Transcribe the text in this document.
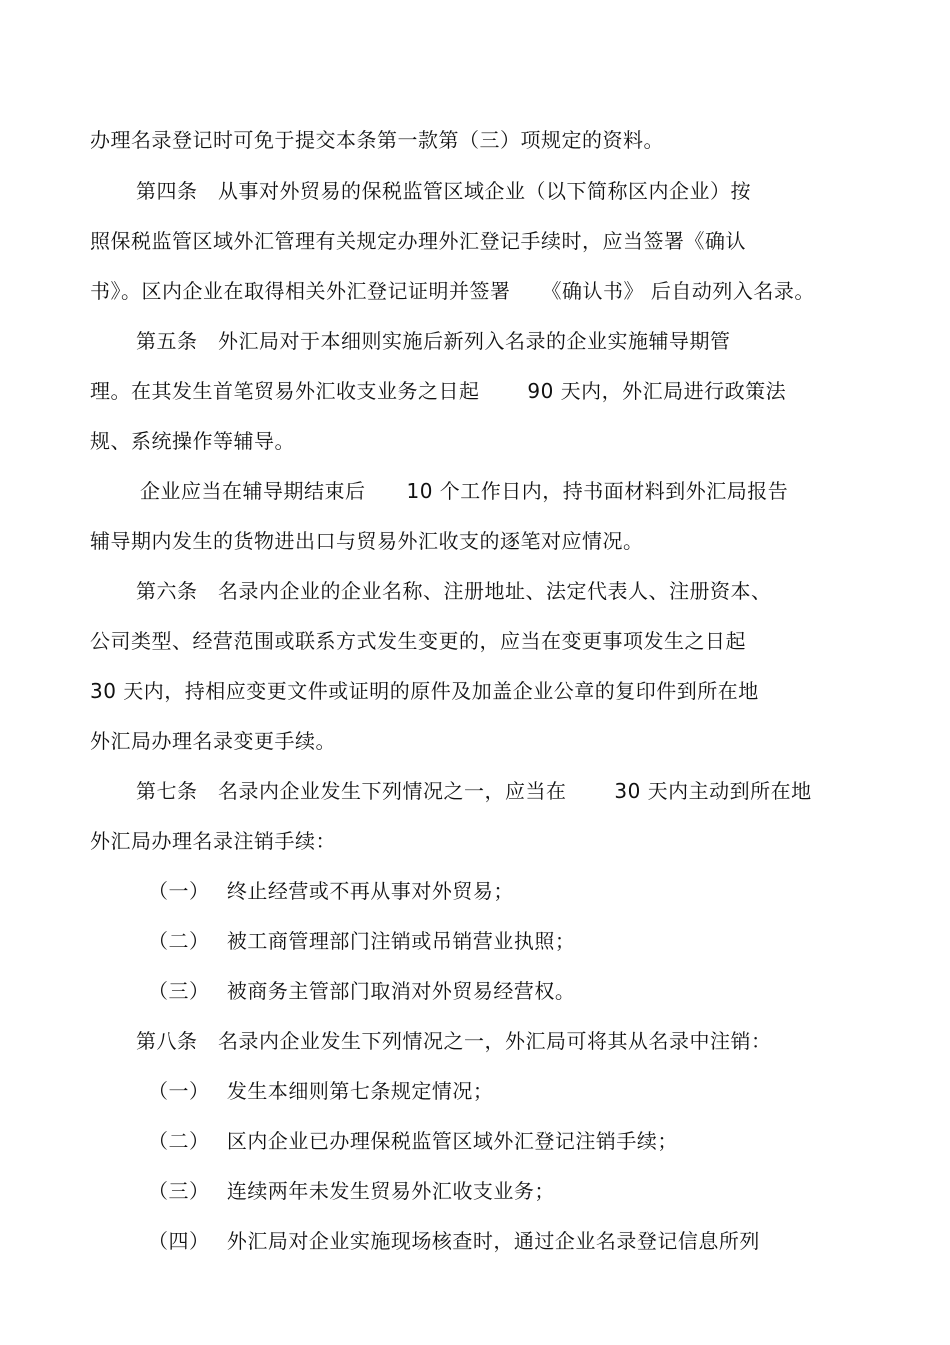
办理名录登记时可免于提交本条第一款第（三）项规定的资料。
第四条　从事对外贸易的保税监管区域企业（以下简称区内企业）按
照保税监管区域外汇管理有关规定办理外汇登记手续时，应当签署《确认
书》。区内企业在取得相关外汇登记证明并签署　　《确认书》 后自动列入名录。
第五条　外汇局对于本细则实施后新列入名录的企业实施辅导期管
理。在其发生首笔贸易外汇收支业务之日起　　 90 天内，外汇局进行政策法
规、系统操作等辅导。
企业应当在辅导期结束后　　10 个工作日内，持书面材料到外汇局报告
辅导期内发生的货物进出口与贸易外汇收支的逐笔对应情况。
第六条　名录内企业的企业名称、注册地址、法定代表人、注册资本、
公司类型、经营范围或联系方式发生变更的，应当在变更事项发生之日起
30 天内，持相应变更文件或证明的原件及加盖企业公章的复印件到所在地
外汇局办理名录变更手续。
第七条　名录内企业发生下列情况之一，应当在　　 30 天内主动到所在地
外汇局办理名录注销手续：
（一）　 终止经营或不再从事对外贸易；
（二）　 被工商管理部门注销或吊销营业执照；
（三）　 被商务主管部门取消对外贸易经营权。
第八条　名录内企业发生下列情况之一，外汇局可将其从名录中注销：
（一）　 发生本细则第七条规定情况；
（二）　 区内企业已办理保税监管区域外汇登记注销手续；
（三）　 连续两年未发生贸易外汇收支业务；
（四）　 外汇局对企业实施现场核查时，通过企业名录登记信息所列
